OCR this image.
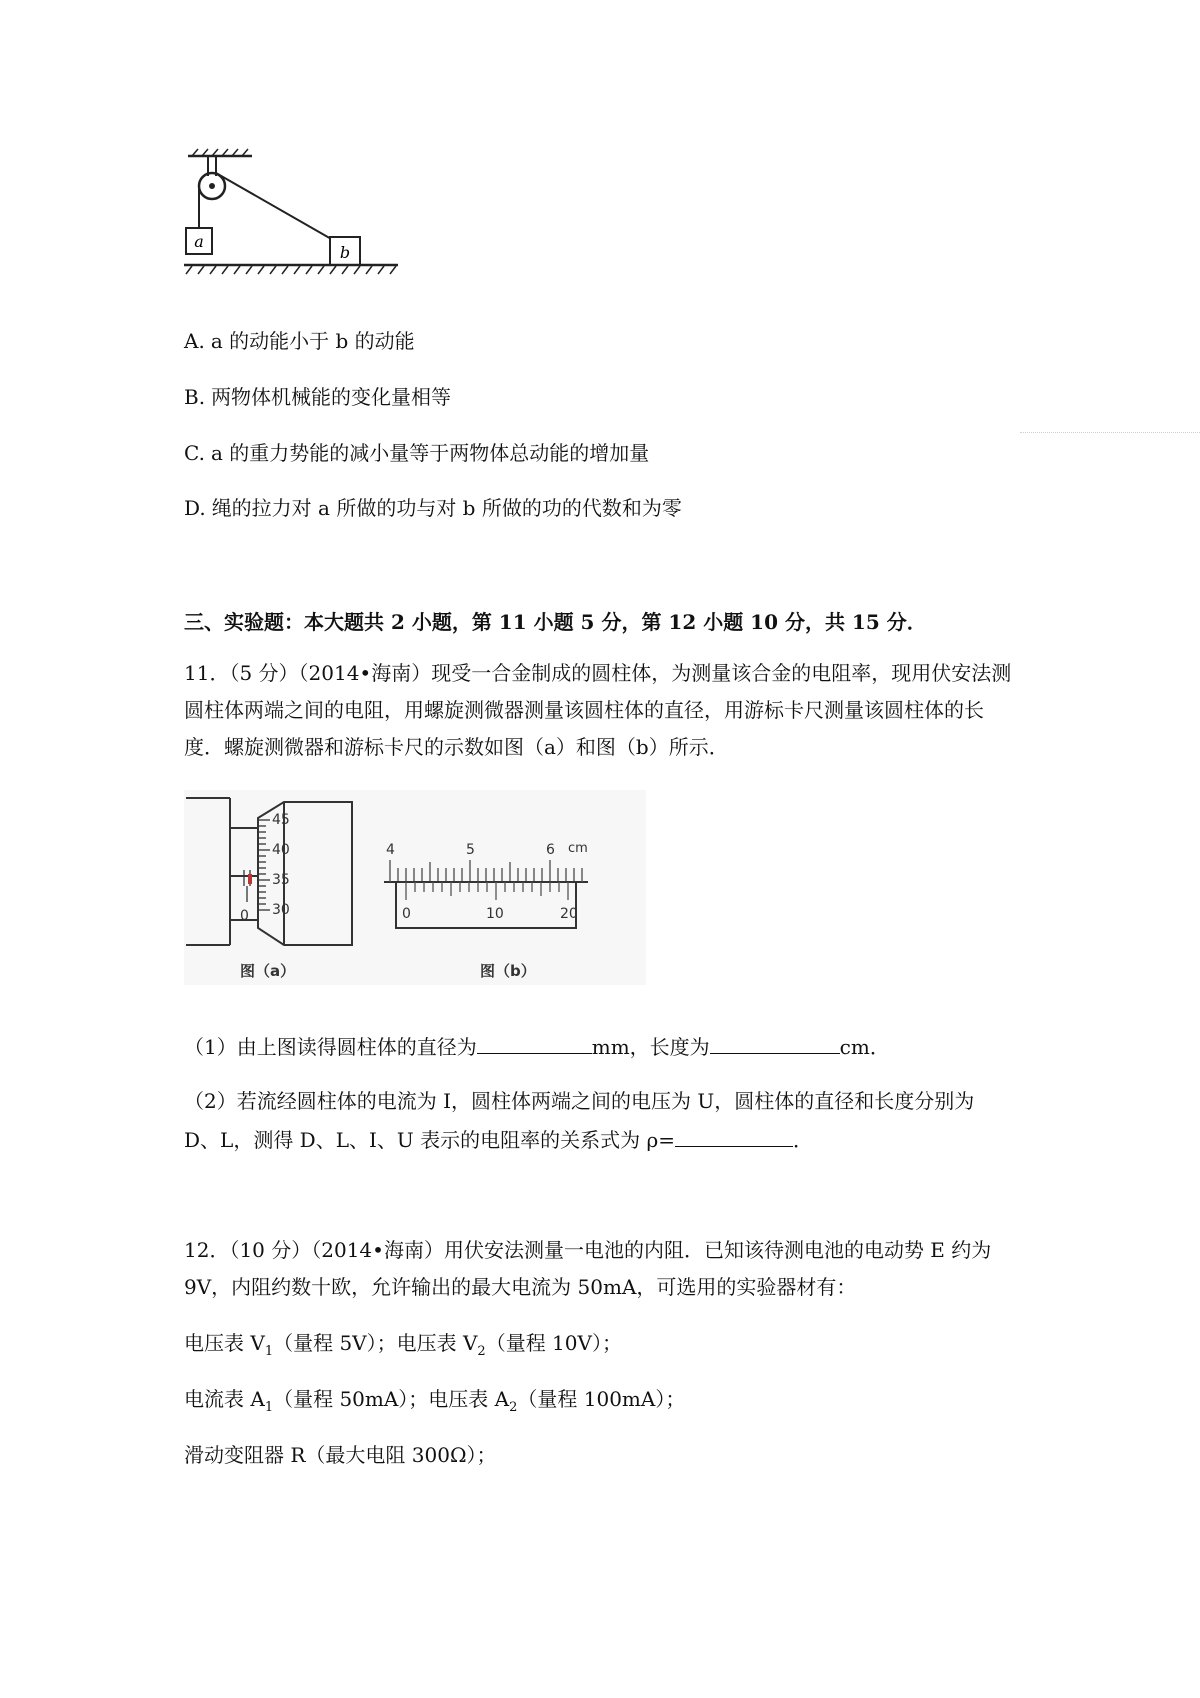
a
b
A. a 的动能小于 b 的动能
B. 两物体机械能的变化量相等
C. a 的重力势能的减小量等于两物体总动能的增加量
D. 绳的拉力对 a 所做的功与对 b 所做的功的代数和为零
三、实验题：本大题共 2 小题，第 11 小题 5 分，第 12 小题 10 分，共 15 分．
11．（5 分）（2014•海南）现受一合金制成的圆柱体，为测量该合金的电阻率，现用伏安法测圆柱体两端之间的电阻，用螺旋测微器测量该圆柱体的直径，用游标卡尺测量该圆柱体的长度．螺旋测微器和游标卡尺的示数如图（a）和图（b）所示．
45
40
35
30
0
4	5	6 cm
0	10	20
图（a）	图（b）
（1）由上图读得圆柱体的直径为	mm，长度为	cm．
（2）若流经圆柱体的电流为 I，圆柱体两端之间的电压为 U，圆柱体的直径和长度分别为
D、L，测得 D、L、I、U 表示的电阻率的关系式为 ρ=	．
12．（10 分）（2014•海南）用伏安法测量一电池的内阻．已知该待测电池的电动势 E 约为
9V，内阻约数十欧，允许输出的最大电流为 50mA，可选用的实验器材有：
电压表 $V_1$（量程 5V）；电压表 $V_2$（量程 10V）；
电流表 $A_1$（量程 50mA）；电压表 $A_2$（量程 100mA）；
滑动变阻器 R（最大电阻 300Ω）；
